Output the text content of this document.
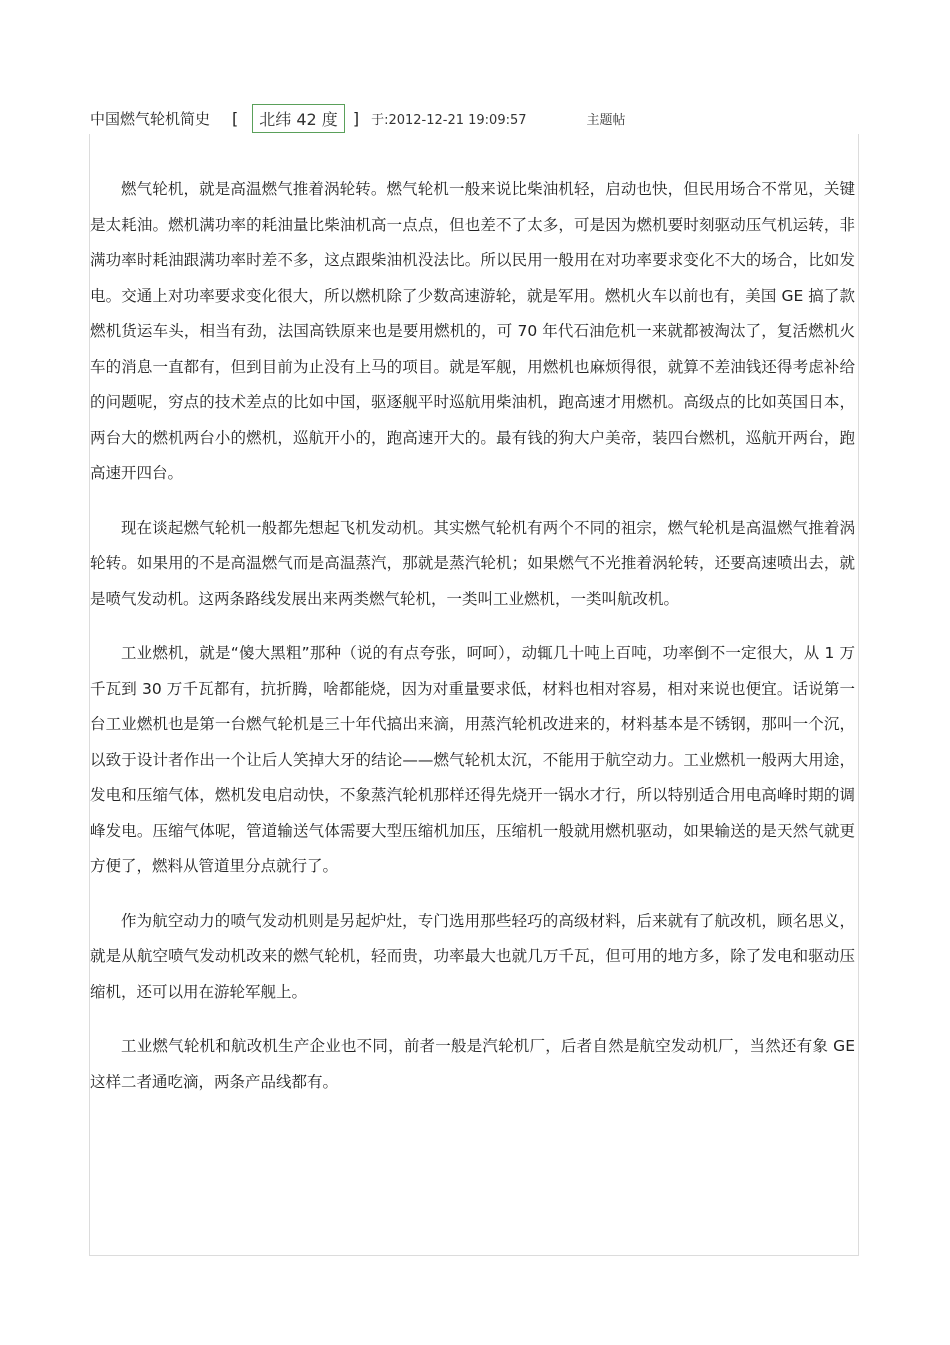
中国燃气轮机简史 [	北纬 42 度 ] 于:2012-12-21 19:09:57	主题帖

燃气轮机，就是高温燃气推着涡轮转。燃气轮机一般来说比柴油机轻，启动也快，但民用场合不常见，关键是太耗油。燃机满功率的耗油量比柴油机高一点点，但也差不了太多，可是因为燃机要时刻驱动压气机运转，非满功率时耗油跟满功率时差不多，这点跟柴油机没法比。所以民用一般用在对功率要求变化不大的场合，比如发电。交通上对功率要求变化很大，所以燃机除了少数高速游轮，就是军用。燃机火车以前也有，美国 GE 搞了款燃机货运车头，相当有劲，法国高铁原来也是要用燃机的，可 70 年代石油危机一来就都被淘汰了，复活燃机火车的消息一直都有，但到目前为止没有上马的项目。就是军舰，用燃机也麻烦得很，就算不差油钱还得考虑补给的问题呢，穷点的技术差点的比如中国，驱逐舰平时巡航用柴油机，跑高速才用燃机。高级点的比如英国日本，两台大的燃机两台小的燃机，巡航开小的，跑高速开大的。最有钱的狗大户美帝，装四台燃机，巡航开两台，跑高速开四台。

现在谈起燃气轮机一般都先想起飞机发动机。其实燃气轮机有两个不同的祖宗，燃气轮机是高温燃气推着涡轮转。如果用的不是高温燃气而是高温蒸汽，那就是蒸汽轮机；如果燃气不光推着涡轮转，还要高速喷出去，就是喷气发动机。这两条路线发展出来两类燃气轮机，一类叫工业燃机，一类叫航改机。

工业燃机，就是“傻大黑粗”那种（说的有点夸张，呵呵），动辄几十吨上百吨，功率倒不一定很大，从 1 万千瓦到 30 万千瓦都有，抗折腾，啥都能烧，因为对重量要求低，材料也相对容易，相对来说也便宜。话说第一台工业燃机也是第一台燃气轮机是三十年代搞出来滴，用蒸汽轮机改进来的，材料基本是不锈钢，那叫一个沉，以致于设计者作出一个让后人笑掉大牙的结论——燃气轮机太沉，不能用于航空动力。工业燃机一般两大用途，发电和压缩气体，燃机发电启动快，不象蒸汽轮机那样还得先烧开一锅水才行，所以特别适合用电高峰时期的调峰发电。压缩气体呢，管道输送气体需要大型压缩机加压，压缩机一般就用燃机驱动，如果输送的是天然气就更方便了，燃料从管道里分点就行了。

作为航空动力的喷气发动机则是另起炉灶，专门选用那些轻巧的高级材料，后来就有了航改机，顾名思义，就是从航空喷气发动机改来的燃气轮机，轻而贵，功率最大也就几万千瓦，但可用的地方多，除了发电和驱动压缩机，还可以用在游轮军舰上。

工业燃气轮机和航改机生产企业也不同，前者一般是汽轮机厂，后者自然是航空发动机厂，当然还有象 GE 这样二者通吃滴，两条产品线都有。
